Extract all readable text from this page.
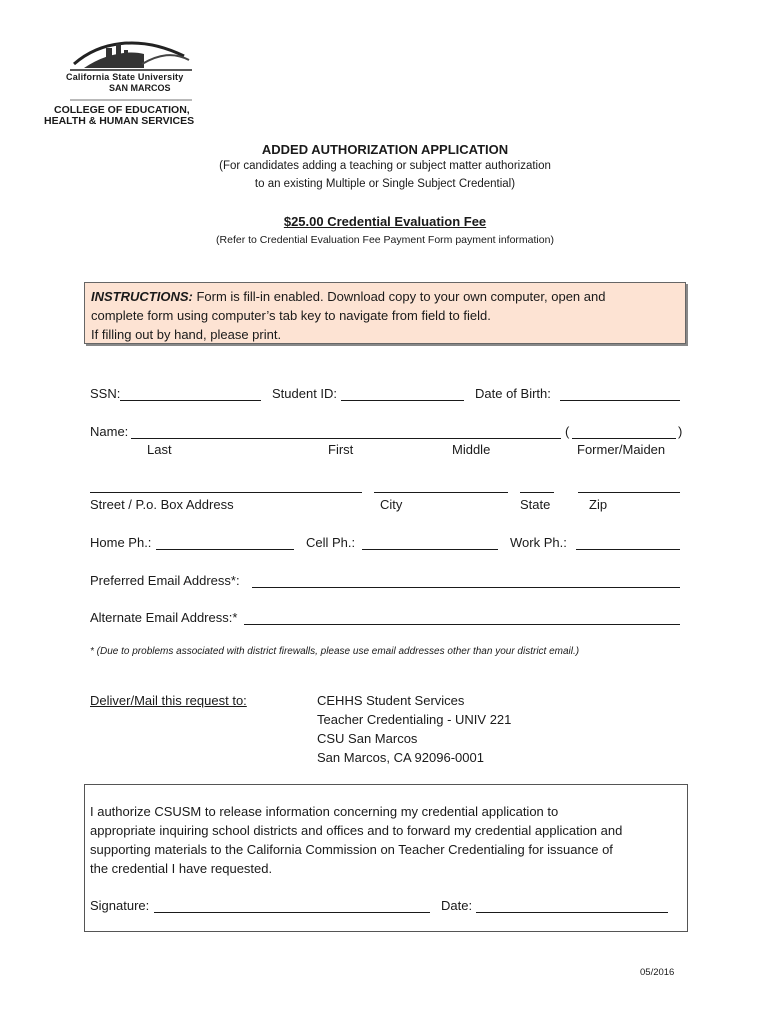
California State University
SAN MARCOS
COLLEGE OF EDUCATION,
HEALTH & HUMAN SERVICES
ADDED AUTHORIZATION APPLICATION
(For candidates adding a teaching or subject matter authorization
to an existing Multiple or Single Subject Credential)
$25.00 Credential Evaluation Fee
(Refer to Credential Evaluation Fee Payment Form payment information)
INSTRUCTIONS: Form is fill-in enabled. Download copy to your own computer, open and
complete form using computer’s tab key to navigate from field to field.
If filling out by hand, please print.
SSN:	Student ID:	Date of Birth:
Name:	(	)
Last	First	Middle	Former/Maiden
Street / P.o. Box Address	City	State	Zip
Home Ph.:	Cell Ph.:	Work Ph.:
Preferred Email Address*:
Alternate Email Address:*
* (Due to problems associated with district firewalls, please use email addresses other than your district email.)
Deliver/Mail this request to:	CEHHS Student Services
Teacher Credentialing - UNIV 221
CSU San Marcos
San Marcos, CA 92096-0001
I authorize CSUSM to release information concerning my credential application to
appropriate inquiring school districts and offices and to forward my credential application and
supporting materials to the California Commission on Teacher Credentialing for issuance of
the credential I have requested.
Signature:	Date:
05/2016
